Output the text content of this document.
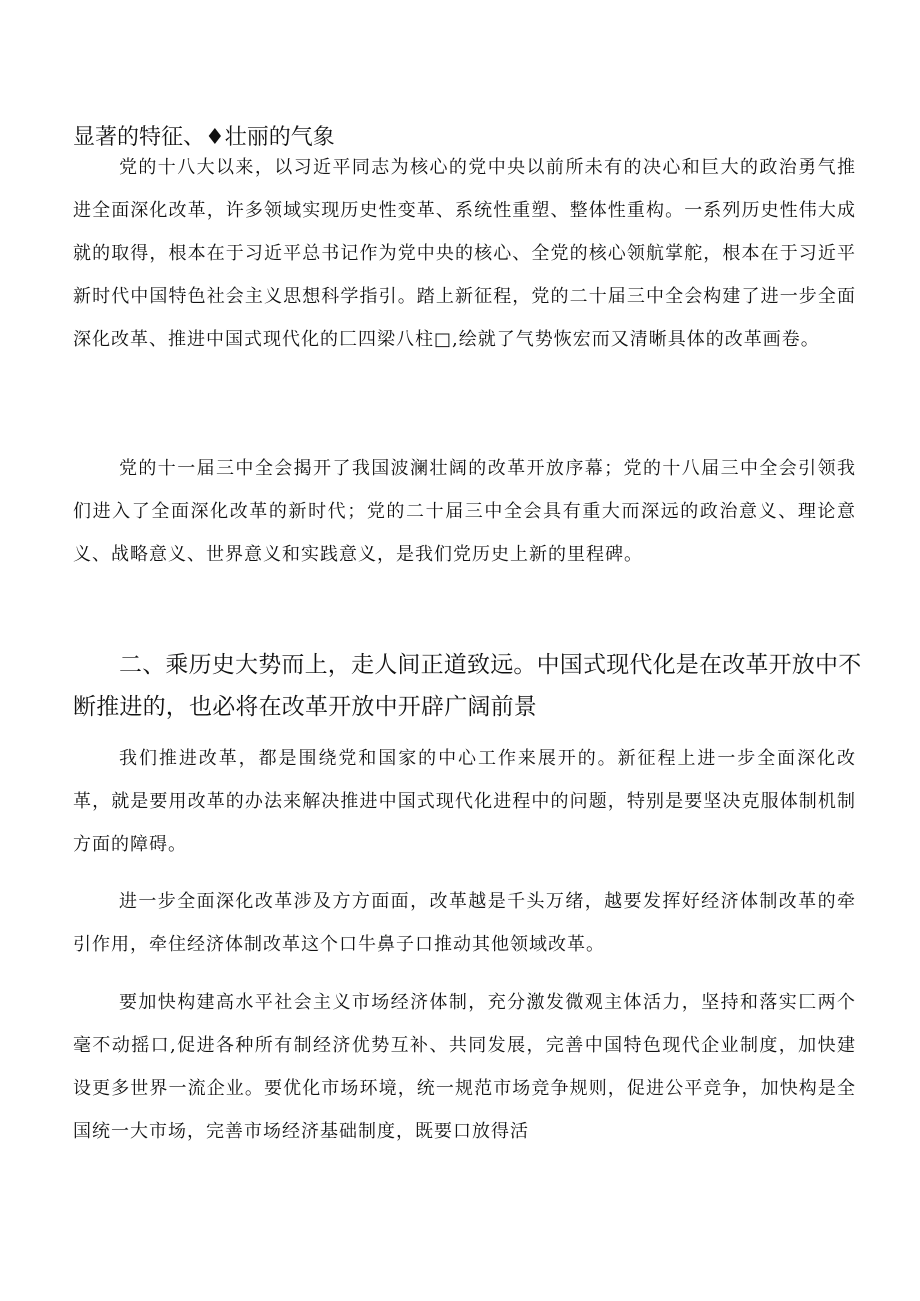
显著的特征、♦壮丽的气象

党的十八大以来，以习近平同志为核心的党中央以前所未有的决心和巨大的政治勇气推进全面深化改革，许多领域实现历史性变革、系统性重塑、整体性重构。一系列历史性伟大成就的取得，根本在于习近平总书记作为党中央的核心、全党的核心领航掌舵，根本在于习近平新时代中国特色社会主义思想科学指引。踏上新征程，党的二十届三中全会构建了进一步全面深化改革、推进中国式现代化的匚四梁八柱□,绘就了气势恢宏而又清晰具体的改革画卷。

党的十一届三中全会揭开了我国波澜壮阔的改革开放序幕；党的十八届三中全会引领我们进入了全面深化改革的新时代；党的二十届三中全会具有重大而深远的政治意义、理论意义、战略意义、世界意义和实践意义，是我们党历史上新的里程碑。

二、乘历史大势而上，走人间正道致远。中国式现代化是在改革开放中不断推进的，也必将在改革开放中开辟广阔前景

我们推进改革，都是围绕党和国家的中心工作来展开的。新征程上进一步全面深化改革，就是要用改革的办法来解决推进中国式现代化进程中的问题，特别是要坚决克服体制机制方面的障碍。

进一步全面深化改革涉及方方面面，改革越是千头万绪，越要发挥好经济体制改革的牵引作用，牵住经济体制改革这个口牛鼻子口推动其他领域改革。

要加快构建高水平社会主义市场经济体制，充分激发微观主体活力，坚持和落实匚两个毫不动摇口,促进各种所有制经济优势互补、共同发展，完善中国特色现代企业制度，加快建设更多世界一流企业。要优化市场环境，统一规范市场竞争规则，促进公平竞争，加快构是全国统一大市场，完善市场经济基础制度，既要口放得活
